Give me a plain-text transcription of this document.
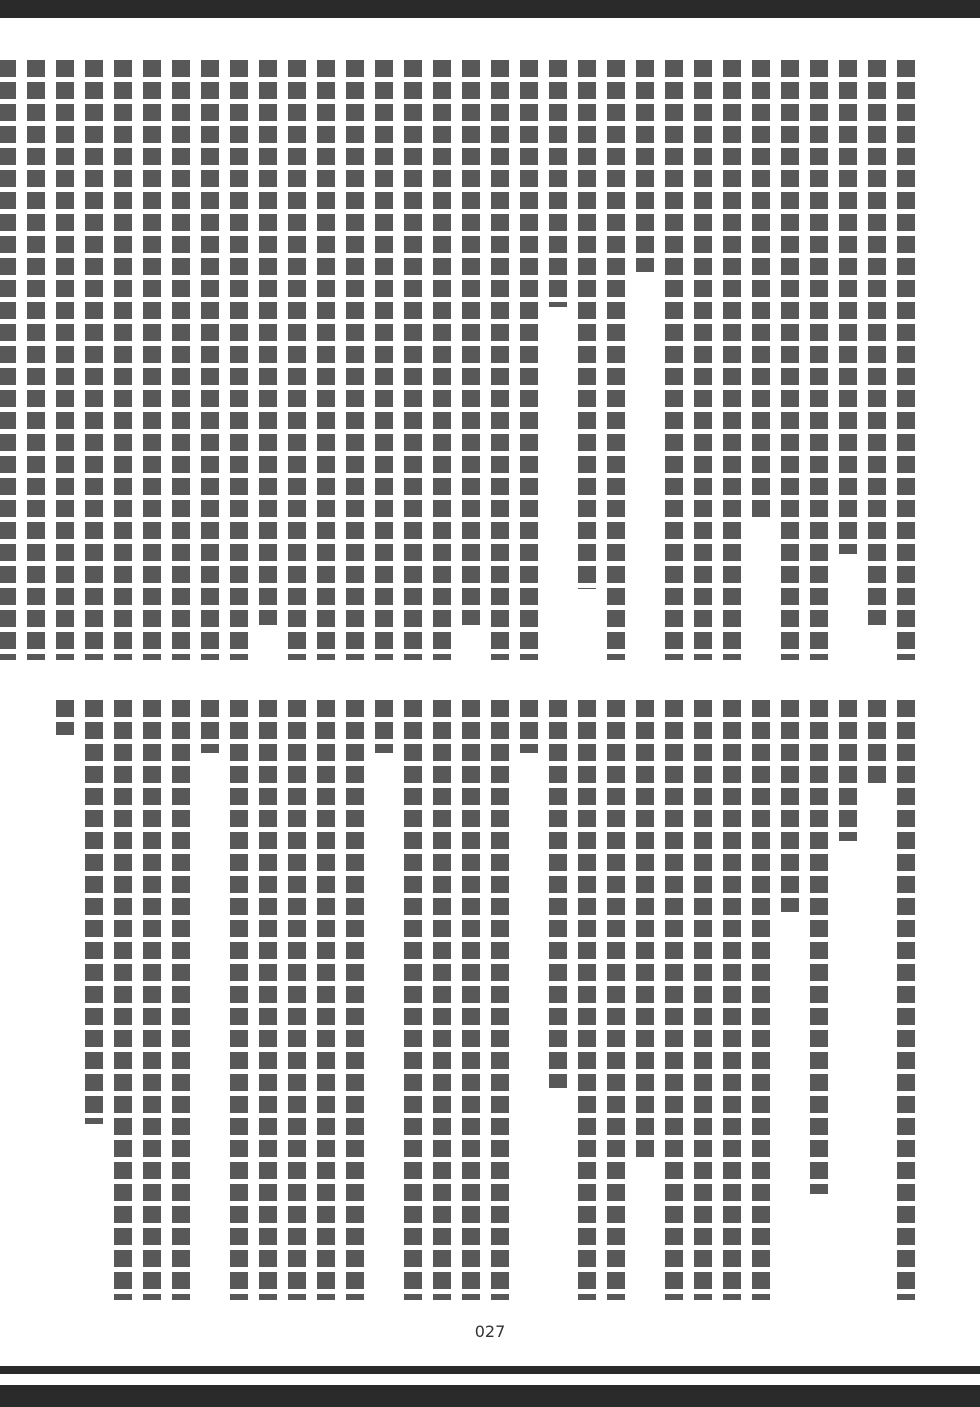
027
